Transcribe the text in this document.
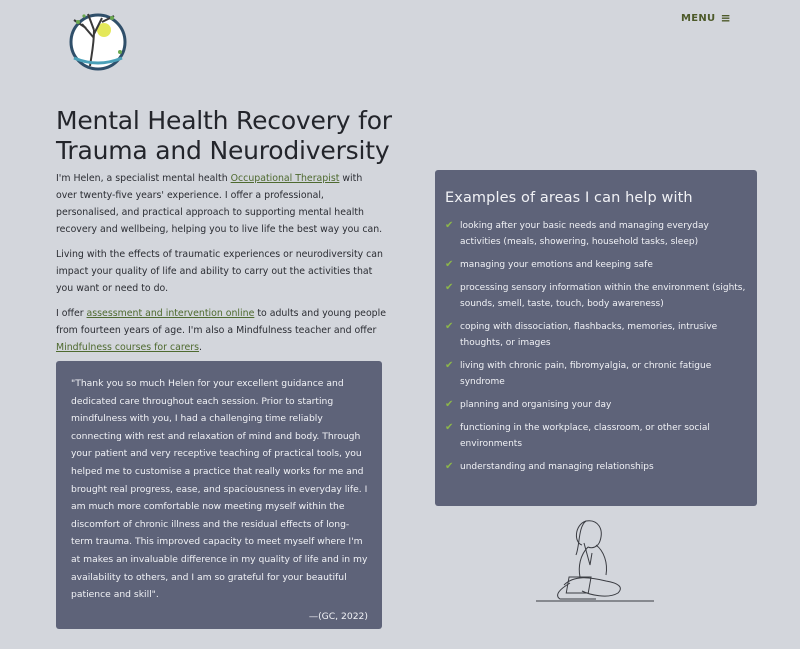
MENU ≡
Mental Health Recovery for Trauma and Neurodiversity

I'm Helen, a specialist mental health Occupational Therapist with over twenty-five years' experience. I offer a professional, personalised, and practical approach to supporting mental health recovery and wellbeing, helping you to live life the best way you can.

Living with the effects of traumatic experiences or neurodiversity can impact your quality of life and ability to carry out the activities that you want or need to do.

I offer assessment and intervention online to adults and young people from fourteen years of age. I'm also a Mindfulness teacher and offer Mindfulness courses for carers.

"Thank you so much Helen for your excellent guidance and dedicated care throughout each session. Prior to starting mindfulness with you, I had a challenging time reliably connecting with rest and relaxation of mind and body. Through your patient and very receptive teaching of practical tools, you helped me to customise a practice that really works for me and brought real progress, ease, and spaciousness in everyday life. I am much more comfortable now meeting myself within the discomfort of chronic illness and the residual effects of long-term trauma. This improved capacity to meet myself where I'm at makes an invaluable difference in my quality of life and in my availability to others, and I am so grateful for your beautiful patience and skill".

—(GC, 2022)

Examples of areas I can help with
✔ looking after your basic needs and managing everyday activities (meals, showering, household tasks, sleep)
✔ managing your emotions and keeping safe
✔ processing sensory information within the environment (sights, sounds, smell, taste, touch, body awareness)
✔ coping with dissociation, flashbacks, memories, intrusive thoughts, or images
✔ living with chronic pain, fibromyalgia, or chronic fatigue syndrome
✔ planning and organising your day
✔ functioning in the workplace, classroom, or other social environments
✔ understanding and managing relationships
